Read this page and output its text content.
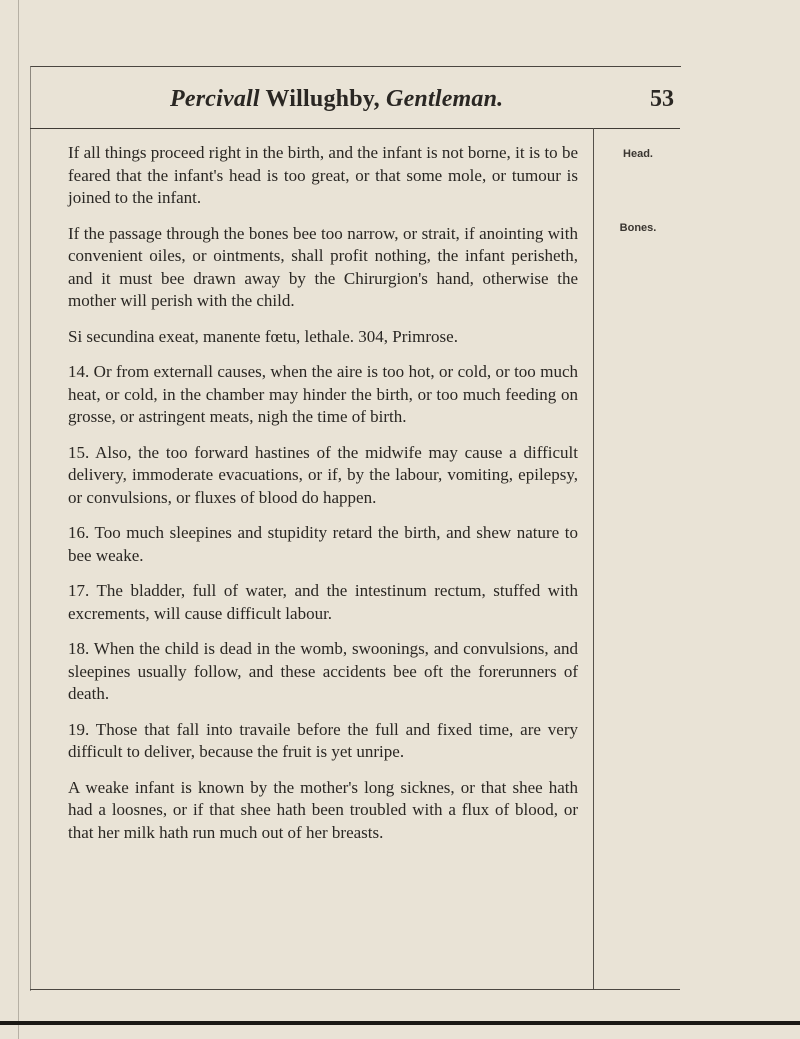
Percivall Willughby, Gentleman.	53
Head.
Bones.

If all things proceed right in the birth, and the infant is not borne, it is to be feared that the infant's head is too great, or that some mole, or tumour is joined to the infant.

If the passage through the bones bee too narrow, or strait, if anointing with convenient oiles, or ointments, shall profit nothing, the infant perisheth, and it must bee drawn away by the Chirurgion's hand, otherwise the mother will perish with the child.

Si secundina exeat, manente fœtu, lethale. 304, Primrose.

14. Or from externall causes, when the aire is too hot, or cold, or too much heat, or cold, in the chamber may hinder the birth, or too much feeding on grosse, or astringent meats, nigh the time of birth.

15. Also, the too forward hastines of the midwife may cause a difficult delivery, immoderate evacuations, or if, by the labour, vomiting, epilepsy, or convulsions, or fluxes of blood do happen.

16. Too much sleepines and stupidity retard the birth, and shew nature to bee weake.

17. The bladder, full of water, and the intestinum rectum, stuffed with excrements, will cause difficult labour.

18. When the child is dead in the womb, swoonings, and convulsions, and sleepines usually follow, and these accidents bee oft the forerunners of death.

19. Those that fall into travaile before the full and fixed time, are very difficult to deliver, because the fruit is yet unripe.

A weake infant is known by the mother's long sicknes, or that shee hath had a loosnes, or if that shee hath been troubled with a flux of blood, or that her milk hath run much out of her breasts.
